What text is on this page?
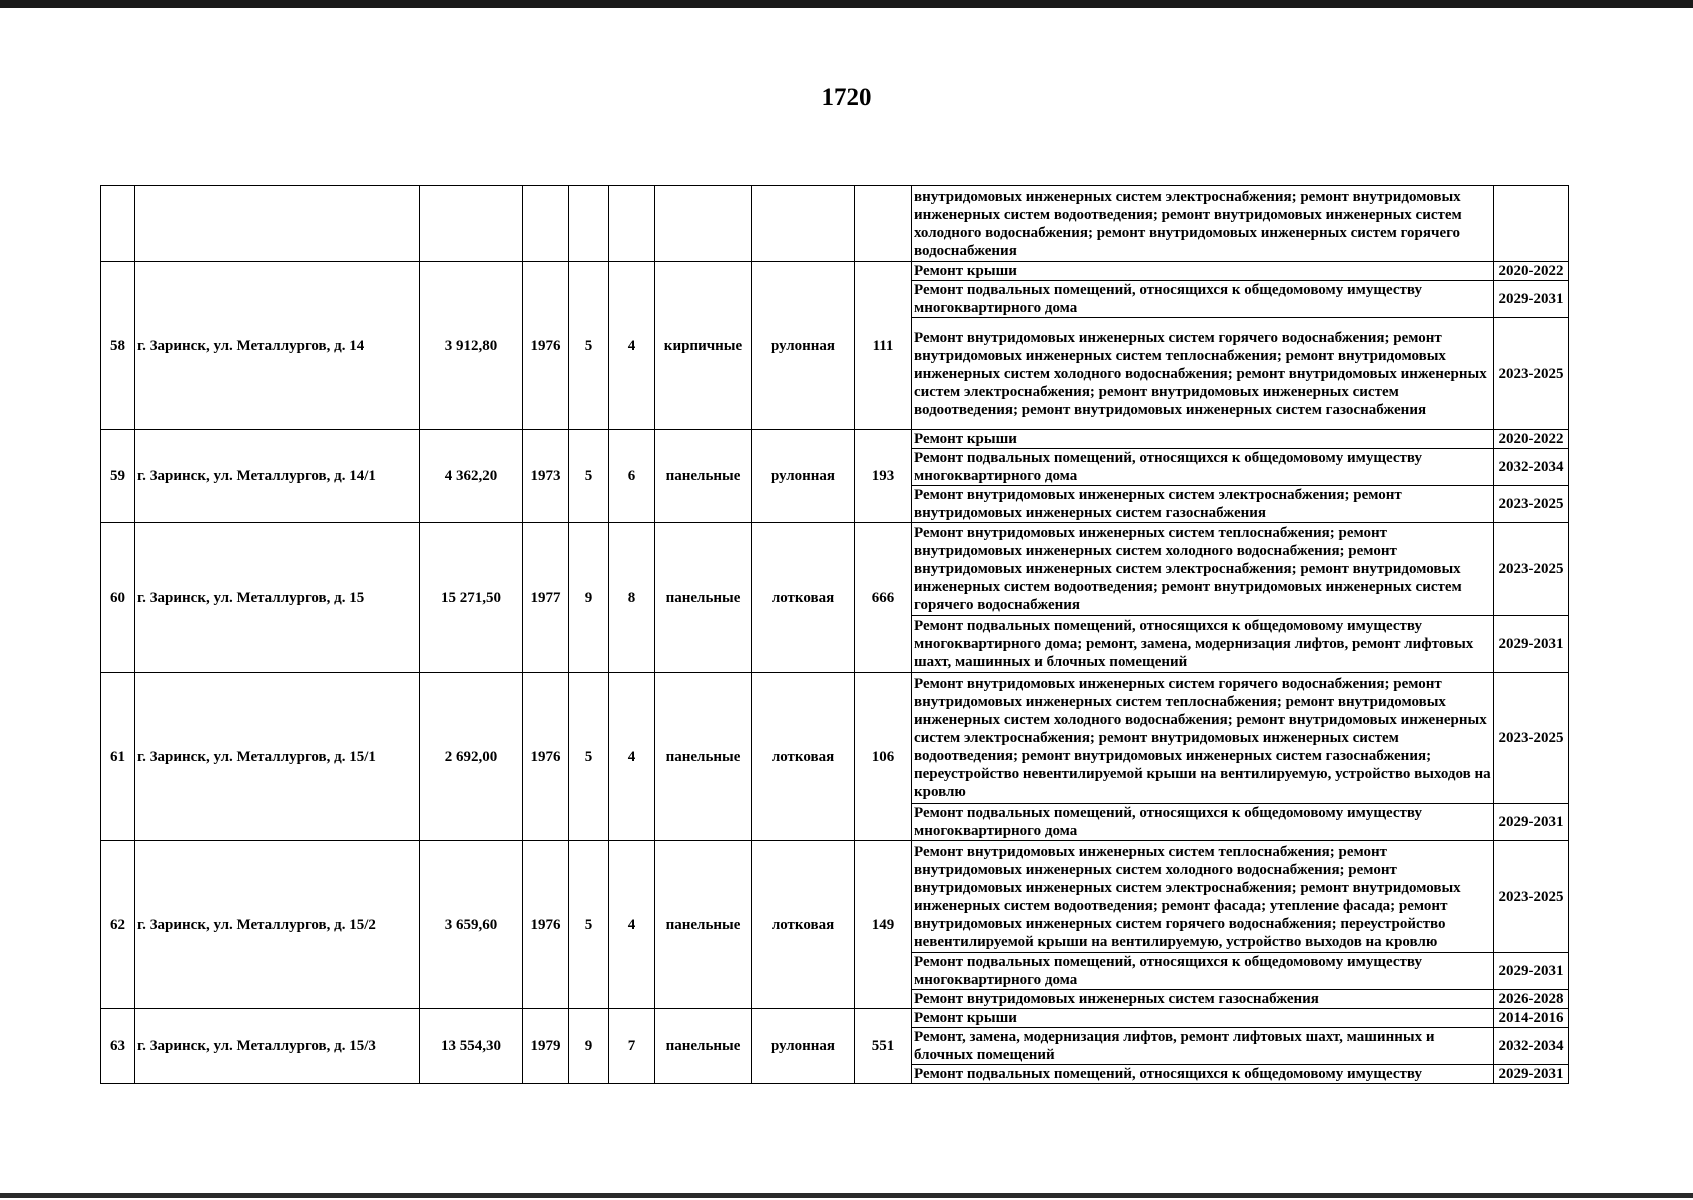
1720
									внутридомовых инженерных систем электроснабжения; ремонт внутридомовых инженерных систем водоотведения; ремонт внутридомовых инженерных систем холодного водоснабжения; ремонт внутридомовых инженерных систем горячего водоснабжения	
58	г. Заринск, ул. Металлургов, д. 14	3 912,80	1976	5	4	кирпичные	рулонная	111	Ремонт крыши	2020-2022
									Ремонт подвальных помещений, относящихся к общедомовому имуществу многоквартирного дома	2029-2031
									Ремонт внутридомовых инженерных систем горячего водоснабжения; ремонт внутридомовых инженерных систем теплоснабжения; ремонт внутридомовых инженерных систем холодного водоснабжения; ремонт внутридомовых инженерных систем электроснабжения; ремонт внутридомовых инженерных систем водоотведения; ремонт внутридомовых инженерных систем газоснабжения	2023-2025
59	г. Заринск, ул. Металлургов, д. 14/1	4 362,20	1973	5	6	панельные	рулонная	193	Ремонт крыши	2020-2022
									Ремонт подвальных помещений, относящихся к общедомовому имуществу многоквартирного дома	2032-2034
									Ремонт внутридомовых инженерных систем электроснабжения; ремонт внутридомовых инженерных систем газоснабжения	2023-2025
60	г. Заринск, ул. Металлургов, д. 15	15 271,50	1977	9	8	панельные	лотковая	666	Ремонт внутридомовых инженерных систем теплоснабжения; ремонт внутридомовых инженерных систем холодного водоснабжения; ремонт внутридомовых инженерных систем электроснабжения; ремонт внутридомовых инженерных систем водоотведения; ремонт внутридомовых инженерных систем горячего водоснабжения	2023-2025
									Ремонт подвальных помещений, относящихся к общедомовому имуществу многоквартирного дома; ремонт, замена, модернизация лифтов, ремонт лифтовых шахт, машинных и блочных помещений	2029-2031
61	г. Заринск, ул. Металлургов, д. 15/1	2 692,00	1976	5	4	панельные	лотковая	106	Ремонт внутридомовых инженерных систем горячего водоснабжения; ремонт внутридомовых инженерных систем теплоснабжения; ремонт внутридомовых инженерных систем холодного водоснабжения; ремонт внутридомовых инженерных систем электроснабжения; ремонт внутридомовых инженерных систем водоотведения; ремонт внутридомовых инженерных систем газоснабжения; переустройство невентилируемой крыши на вентилируемую, устройство выходов на кровлю	2023-2025
									Ремонт подвальных помещений, относящихся к общедомовому имуществу многоквартирного дома	2029-2031
62	г. Заринск, ул. Металлургов, д. 15/2	3 659,60	1976	5	4	панельные	лотковая	149	Ремонт внутридомовых инженерных систем теплоснабжения; ремонт внутридомовых инженерных систем холодного водоснабжения; ремонт внутридомовых инженерных систем электроснабжения; ремонт внутридомовых инженерных систем водоотведения; ремонт фасада; утепление фасада; ремонт внутридомовых инженерных систем горячего водоснабжения; переустройство невентилируемой крыши на вентилируемую, устройство выходов на кровлю	2023-2025
									Ремонт подвальных помещений, относящихся к общедомовому имуществу многоквартирного дома	2029-2031
									Ремонт внутридомовых инженерных систем газоснабжения	2026-2028
63	г. Заринск, ул. Металлургов, д. 15/3	13 554,30	1979	9	7	панельные	рулонная	551	Ремонт крыши	2014-2016
									Ремонт, замена, модернизация лифтов, ремонт лифтовых шахт, машинных и блочных помещений	2032-2034
									Ремонт подвальных помещений, относящихся к общедомовому имуществу	2029-2031
